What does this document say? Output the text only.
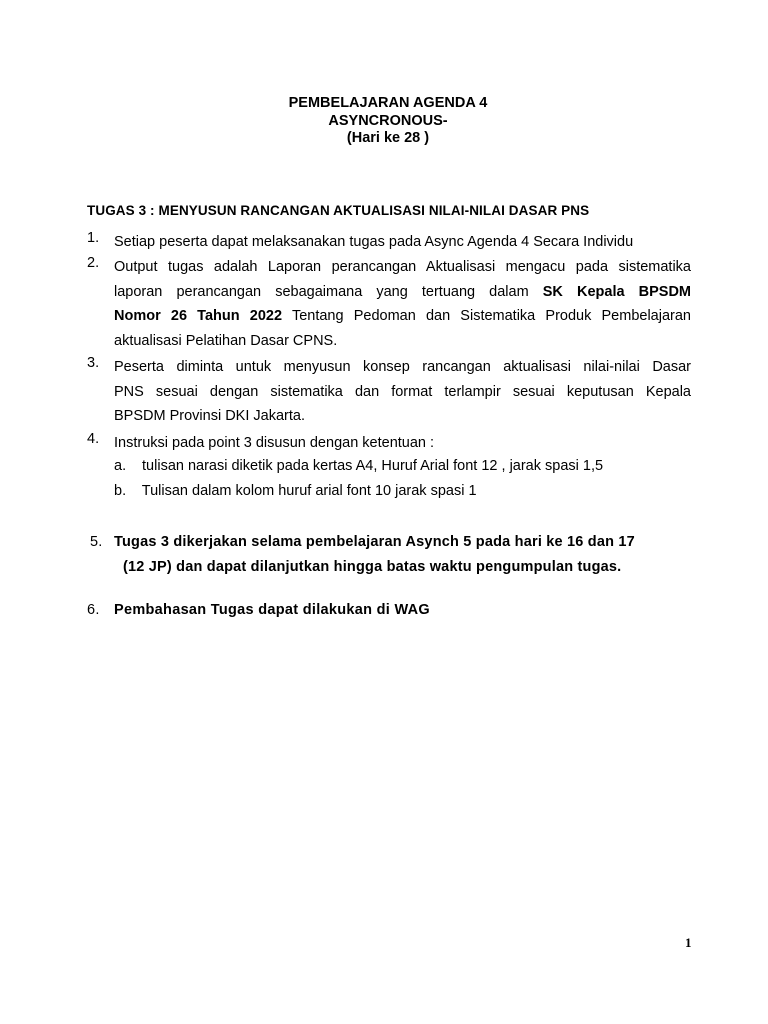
PEMBELAJARAN AGENDA 4
ASYNCRONOUS-
(Hari ke 28 )
TUGAS 3 : MENYUSUN RANCANGAN AKTUALISASI NILAI-NILAI DASAR PNS
1. Setiap peserta dapat melaksanakan tugas pada Async Agenda 4 Secara Individu
2. Output tugas adalah Laporan perancangan Aktualisasi mengacu pada sistematika
laporan perancangan sebagaimana yang tertuang dalam SK Kepala BPSDM
Nomor 26 Tahun 2022 Tentang Pedoman dan Sistematika Produk Pembelajaran
aktualisasi Pelatihan Dasar CPNS.
3. Peserta diminta untuk menyusun konsep rancangan aktualisasi nilai-nilai Dasar
PNS sesuai dengan sistematika dan format terlampir sesuai keputusan Kepala
BPSDM Provinsi DKI Jakarta.
4. Instruksi pada point 3 disusun dengan ketentuan :
a. tulisan narasi diketik pada kertas A4, Huruf Arial font 12 , jarak spasi 1,5
b. Tulisan dalam kolom huruf arial font 10 jarak spasi 1
5. Tugas 3 dikerjakan selama pembelajaran Asynch 5 pada hari ke 16 dan 17
(12 JP) dan dapat dilanjutkan hingga batas waktu pengumpulan tugas.
6. Pembahasan Tugas dapat dilakukan di WAG
1
